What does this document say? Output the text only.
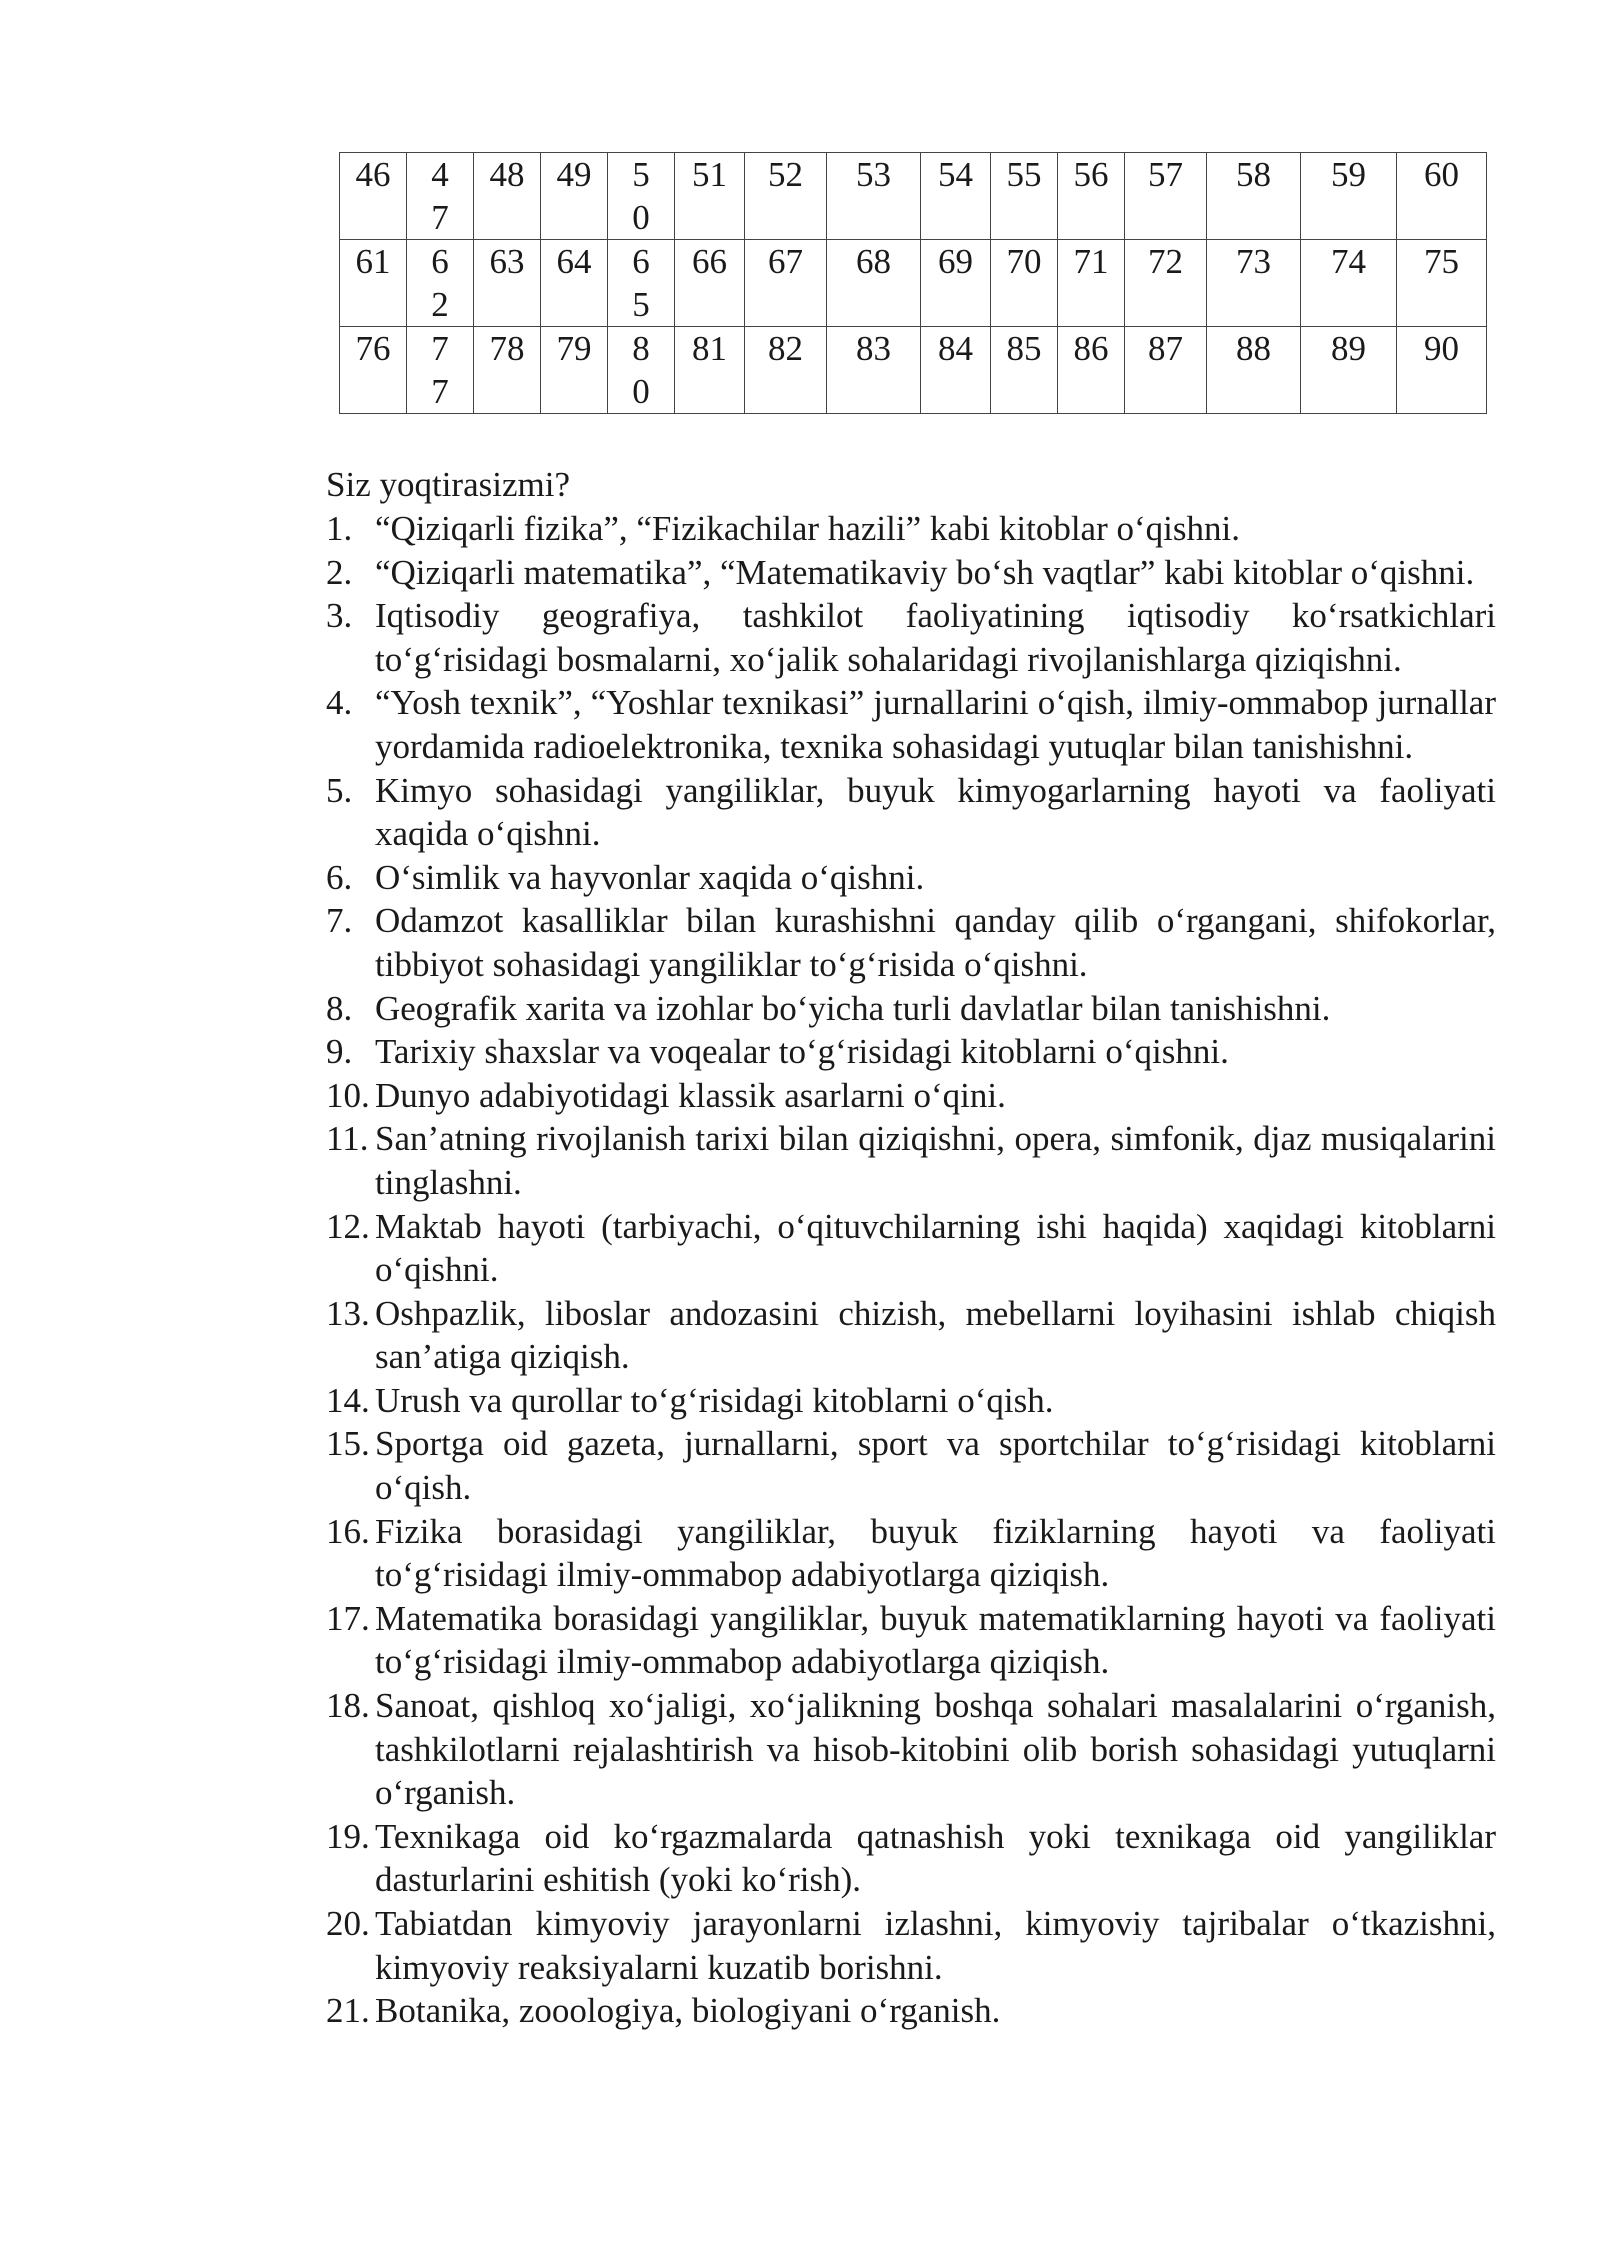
46	47	48	49	50	51	52	53	54	55	56	57	58	59	60
61	62	63	64	65	66	67	68	69	70	71	72	73	74	75
76	77	78	79	80	81	82	83	84	85	86	87	88	89	90

Siz yoqtirasizmi?

1. “Qiziqarli fizika”, “Fizikachilar hazili” kabi kitoblar o‘qishni.
2. “Qiziqarli matematika”, “Matematikaviy bo‘sh vaqtlar” kabi kitoblar o‘qishni.
3. Iqtisodiy geografiya, tashkilot faoliyatining iqtisodiy ko‘rsatkichlari to‘g‘risidagi bosmalarni, xo‘jalik sohalaridagi rivojlanishlarga qiziqishni.
4. “Yosh texnik”, “Yoshlar texnikasi” jurnallarini o‘qish, ilmiy-ommabop jurnallar yordamida radioelektronika, texnika sohasidagi yutuqlar bilan tanishishni.
5. Kimyo sohasidagi yangiliklar, buyuk kimyogarlarning hayoti va faoliyati xaqida o‘qishni.
6. O‘simlik va hayvonlar xaqida o‘qishni.
7. Odamzot kasalliklar bilan kurashishni qanday qilib o‘rgangani, shifokorlar, tibbiyot sohasidagi yangiliklar to‘g‘risida o‘qishni.
8. Geografik xarita va izohlar bo‘yicha turli davlatlar bilan tanishishni.
9. Tarixiy shaxslar va voqealar to‘g‘risidagi kitoblarni o‘qishni.
10. Dunyo adabiyotidagi klassik asarlarni o‘qini.
11. San’atning rivojlanish tarixi bilan qiziqishni, opera, simfonik, djaz musiqalarini tinglashni.
12. Maktab hayoti (tarbiyachi, o‘qituvchilarning ishi haqida) xaqidagi kitoblarni o‘qishni.
13. Oshpazlik, liboslar andozasini chizish, mebellarni loyihasini ishlab chiqish san’atiga qiziqish.
14. Urush va qurollar to‘g‘risidagi kitoblarni o‘qish.
15. Sportga oid gazeta, jurnallarni, sport va sportchilar to‘g‘risidagi kitoblarni o‘qish.
16. Fizika borasidagi yangiliklar, buyuk fiziklarning hayoti va faoliyati to‘g‘risidagi ilmiy-ommabop adabiyotlarga qiziqish.
17. Matematika borasidagi yangiliklar, buyuk matematiklarning hayoti va faoliyati to‘g‘risidagi ilmiy-ommabop adabiyotlarga qiziqish.
18. Sanoat, qishloq xo‘jaligi, xo‘jalikning boshqa sohalari masalalarini o‘rganish, tashkilotlarni rejalashtirish va hisob-kitobini olib borish sohasidagi yutuqlarni o‘rganish.
19. Texnikaga oid ko‘rgazmalarda qatnashish yoki texnikaga oid yangiliklar dasturlarini eshitish (yoki ko‘rish).
20. Tabiatdan kimyoviy jarayonlarni izlashni, kimyoviy tajribalar o‘tkazishni, kimyoviy reaksiyalarni kuzatib borishni.
21. Botanika, zooologiya, biologiyani o‘rganish.
